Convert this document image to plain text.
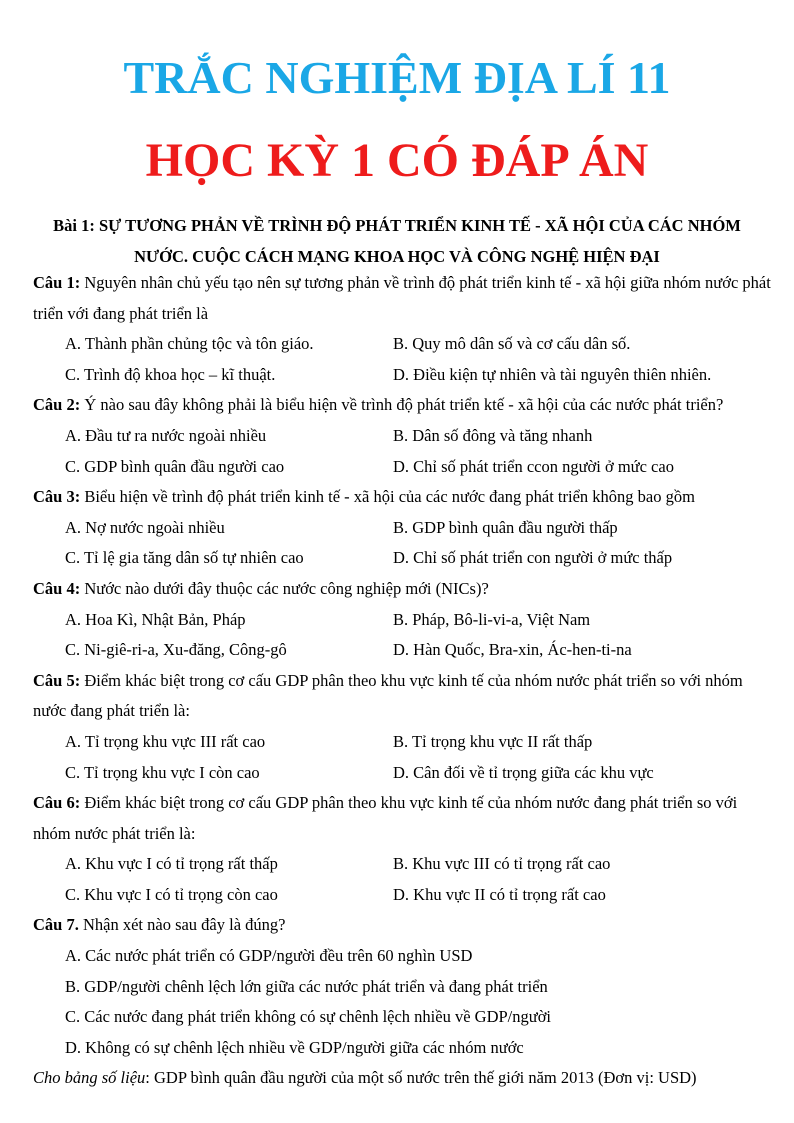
TRẮC NGHIỆM ĐỊA LÍ 11
HỌC KỲ 1 CÓ ĐÁP ÁN
Bài 1: SỰ TƯƠNG PHẢN VỀ TRÌNH ĐỘ PHÁT TRIỂN KINH TẾ - XÃ HỘI CỦA CÁC NHÓM
NƯỚC. CUỘC CÁCH MẠNG KHOA HỌC VÀ CÔNG NGHỆ HIỆN ĐẠI

Câu 1: Nguyên nhân chủ yếu tạo nên sự tương phản về trình độ phát triển kinh tế - xã hội giữa nhóm nước phát triển với đang phát triển là

A. Thành phần chủng tộc và tôn giáo.	B. Quy mô dân số và cơ cấu dân số.
C. Trình độ khoa học – kĩ thuật.	D. Điều kiện tự nhiên và tài nguyên thiên nhiên.

Câu 2: Ý nào sau đây không phải là biểu hiện về trình độ phát triển ktế - xã hội của các nước phát triển?

A. Đầu tư ra nước ngoài nhiều	B. Dân số đông và tăng nhanh
C. GDP bình quân đầu người cao	D. Chỉ số phát triển ccon người ở mức cao

Câu 3: Biểu hiện về trình độ phát triển kinh tế - xã hội của các nước đang phát triển không bao gồm

A. Nợ nước ngoài nhiều	B. GDP bình quân đầu người thấp
C. Tỉ lệ gia tăng dân số tự nhiên cao	D. Chỉ số phát triển con người ở mức thấp

Câu 4: Nước nào dưới đây thuộc các nước công nghiệp mới (NICs)?

A. Hoa Kì, Nhật Bản, Pháp	B. Pháp, Bô-li-vi-a, Việt Nam
C. Ni-giê-ri-a, Xu-đăng, Công-gô	D. Hàn Quốc, Bra-xin, Ác-hen-ti-na

Câu 5: Điểm khác biệt trong cơ cấu GDP phân theo khu vực kinh tế của nhóm nước phát triển so với nhóm nước đang phát triển là:

A. Tỉ trọng khu vực III rất cao	B. Tỉ trọng khu vực II rất thấp
C. Tỉ trọng khu vực I còn cao	D. Cân đối về tỉ trọng giữa các khu vực

Câu 6: Điểm khác biệt trong cơ cấu GDP phân theo khu vực kinh tế của nhóm nước đang phát triển so với nhóm nước phát triển là:

A. Khu vực I có tỉ trọng rất thấp	B. Khu vực III có tỉ trọng rất cao
C. Khu vực I có tỉ trọng còn cao	D. Khu vực II có tỉ trọng rất cao

Câu 7. Nhận xét nào sau đây là đúng?

A. Các nước phát triển có GDP/người đều trên 60 nghìn USD

B. GDP/người chênh lệch lớn giữa các nước phát triển và đang phát triển

C. Các nước đang phát triển không có sự chênh lệch nhiều về GDP/người

D. Không có sự chênh lệch nhiều về GDP/người giữa các nhóm nước

Cho bảng số liệu: GDP bình quân đầu người của một số nước trên thế giới năm 2013 (Đơn vị: USD)
